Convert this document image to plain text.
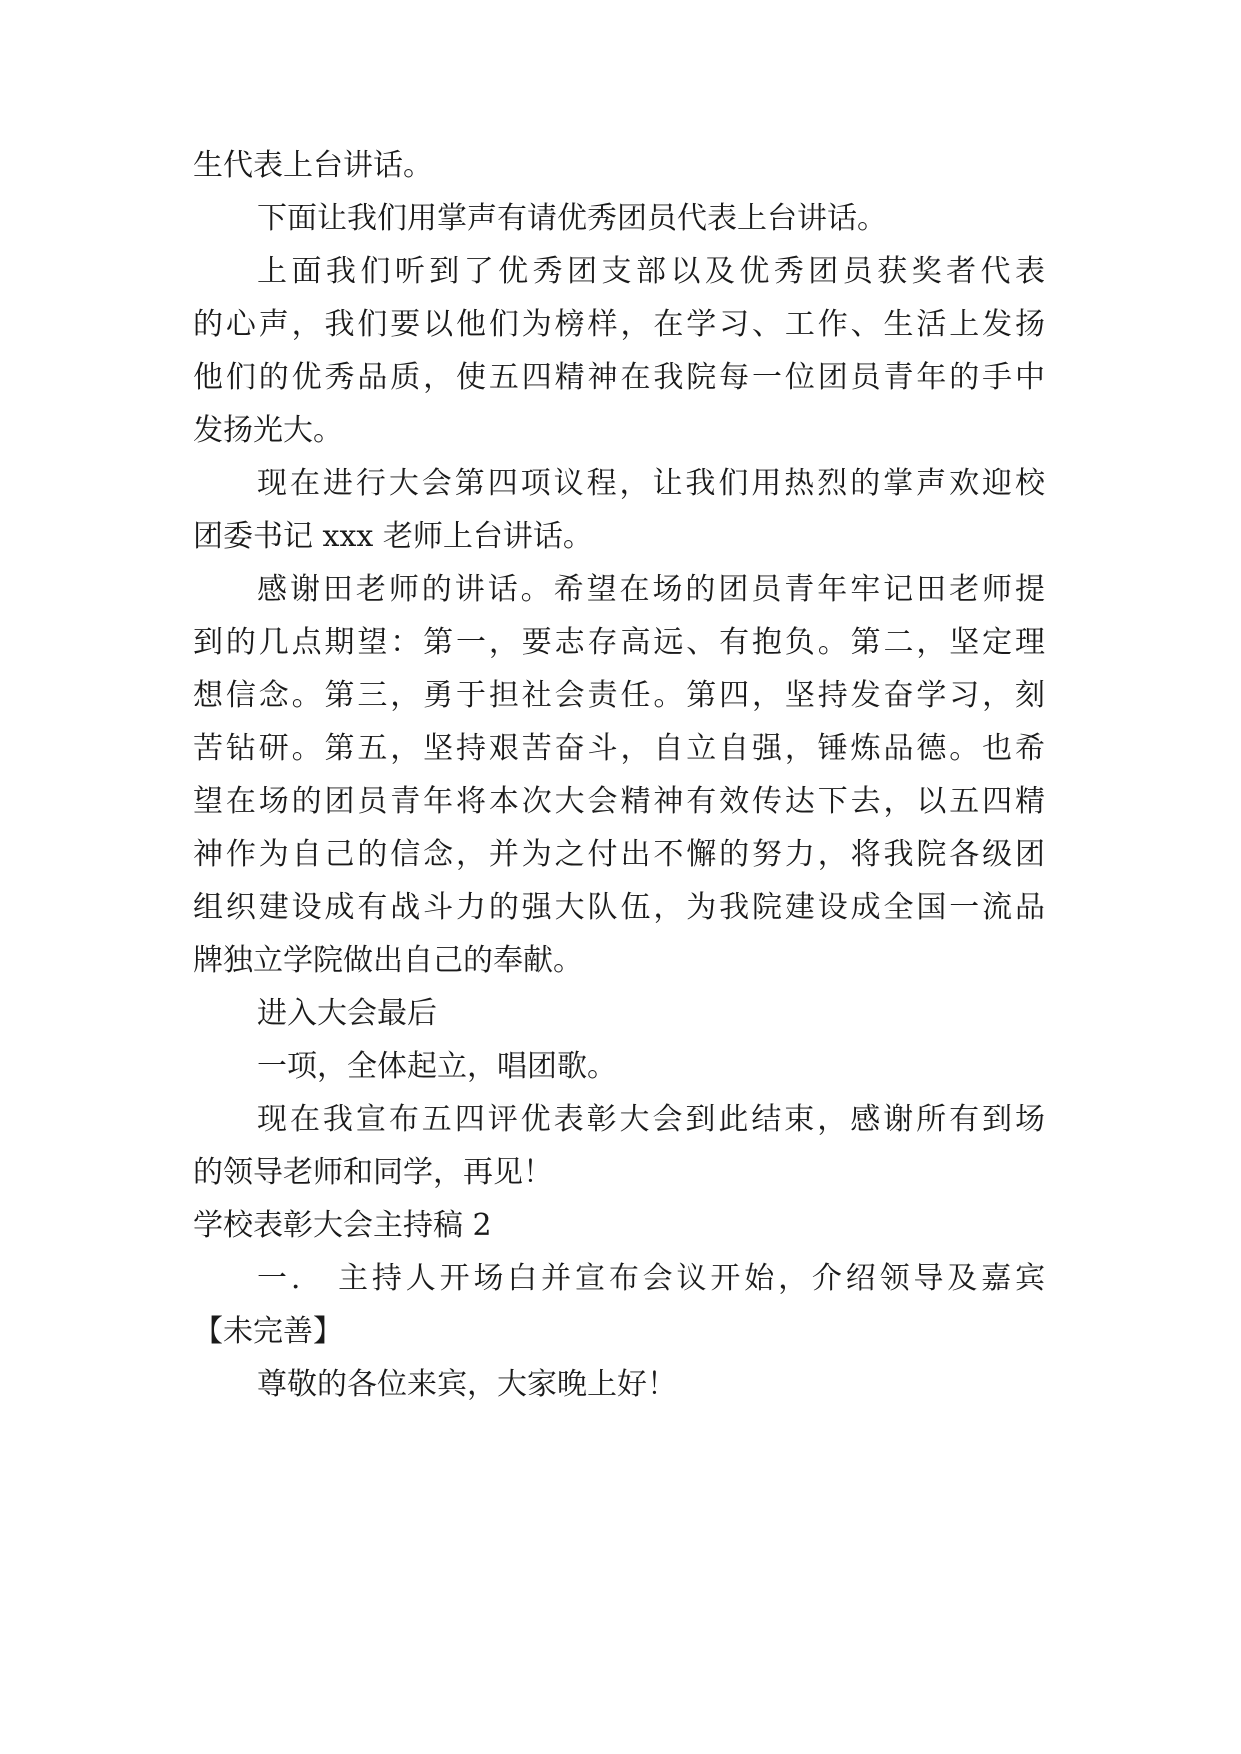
生代表上台讲话。
下面让我们用掌声有请优秀团员代表上台讲话。
上面我们听到了优秀团支部以及优秀团员获奖者代表
的心声，我们要以他们为榜样，在学习、工作、生活上发扬
他们的优秀品质，使五四精神在我院每一位团员青年的手中
发扬光大。
现在进行大会第四项议程，让我们用热烈的掌声欢迎校
团委书记 xxx 老师上台讲话。
感谢田老师的讲话。希望在场的团员青年牢记田老师提
到的几点期望：第一，要志存高远、有抱负。第二，坚定理
想信念。第三，勇于担社会责任。第四，坚持发奋学习，刻
苦钻研。第五，坚持艰苦奋斗，自立自强，锤炼品德。也希
望在场的团员青年将本次大会精神有效传达下去，以五四精
神作为自己的信念，并为之付出不懈的努力，将我院各级团
组织建设成有战斗力的强大队伍，为我院建设成全国一流品
牌独立学院做出自己的奉献。
进入大会最后
一项，全体起立，唱团歌。
现在我宣布五四评优表彰大会到此结束，感谢所有到场
的领导老师和同学，再见！
学校表彰大会主持稿 2
一.　主持人开场白并宣布会议开始，介绍领导及嘉宾
【未完善】
尊敬的各位来宾，大家晚上好！
